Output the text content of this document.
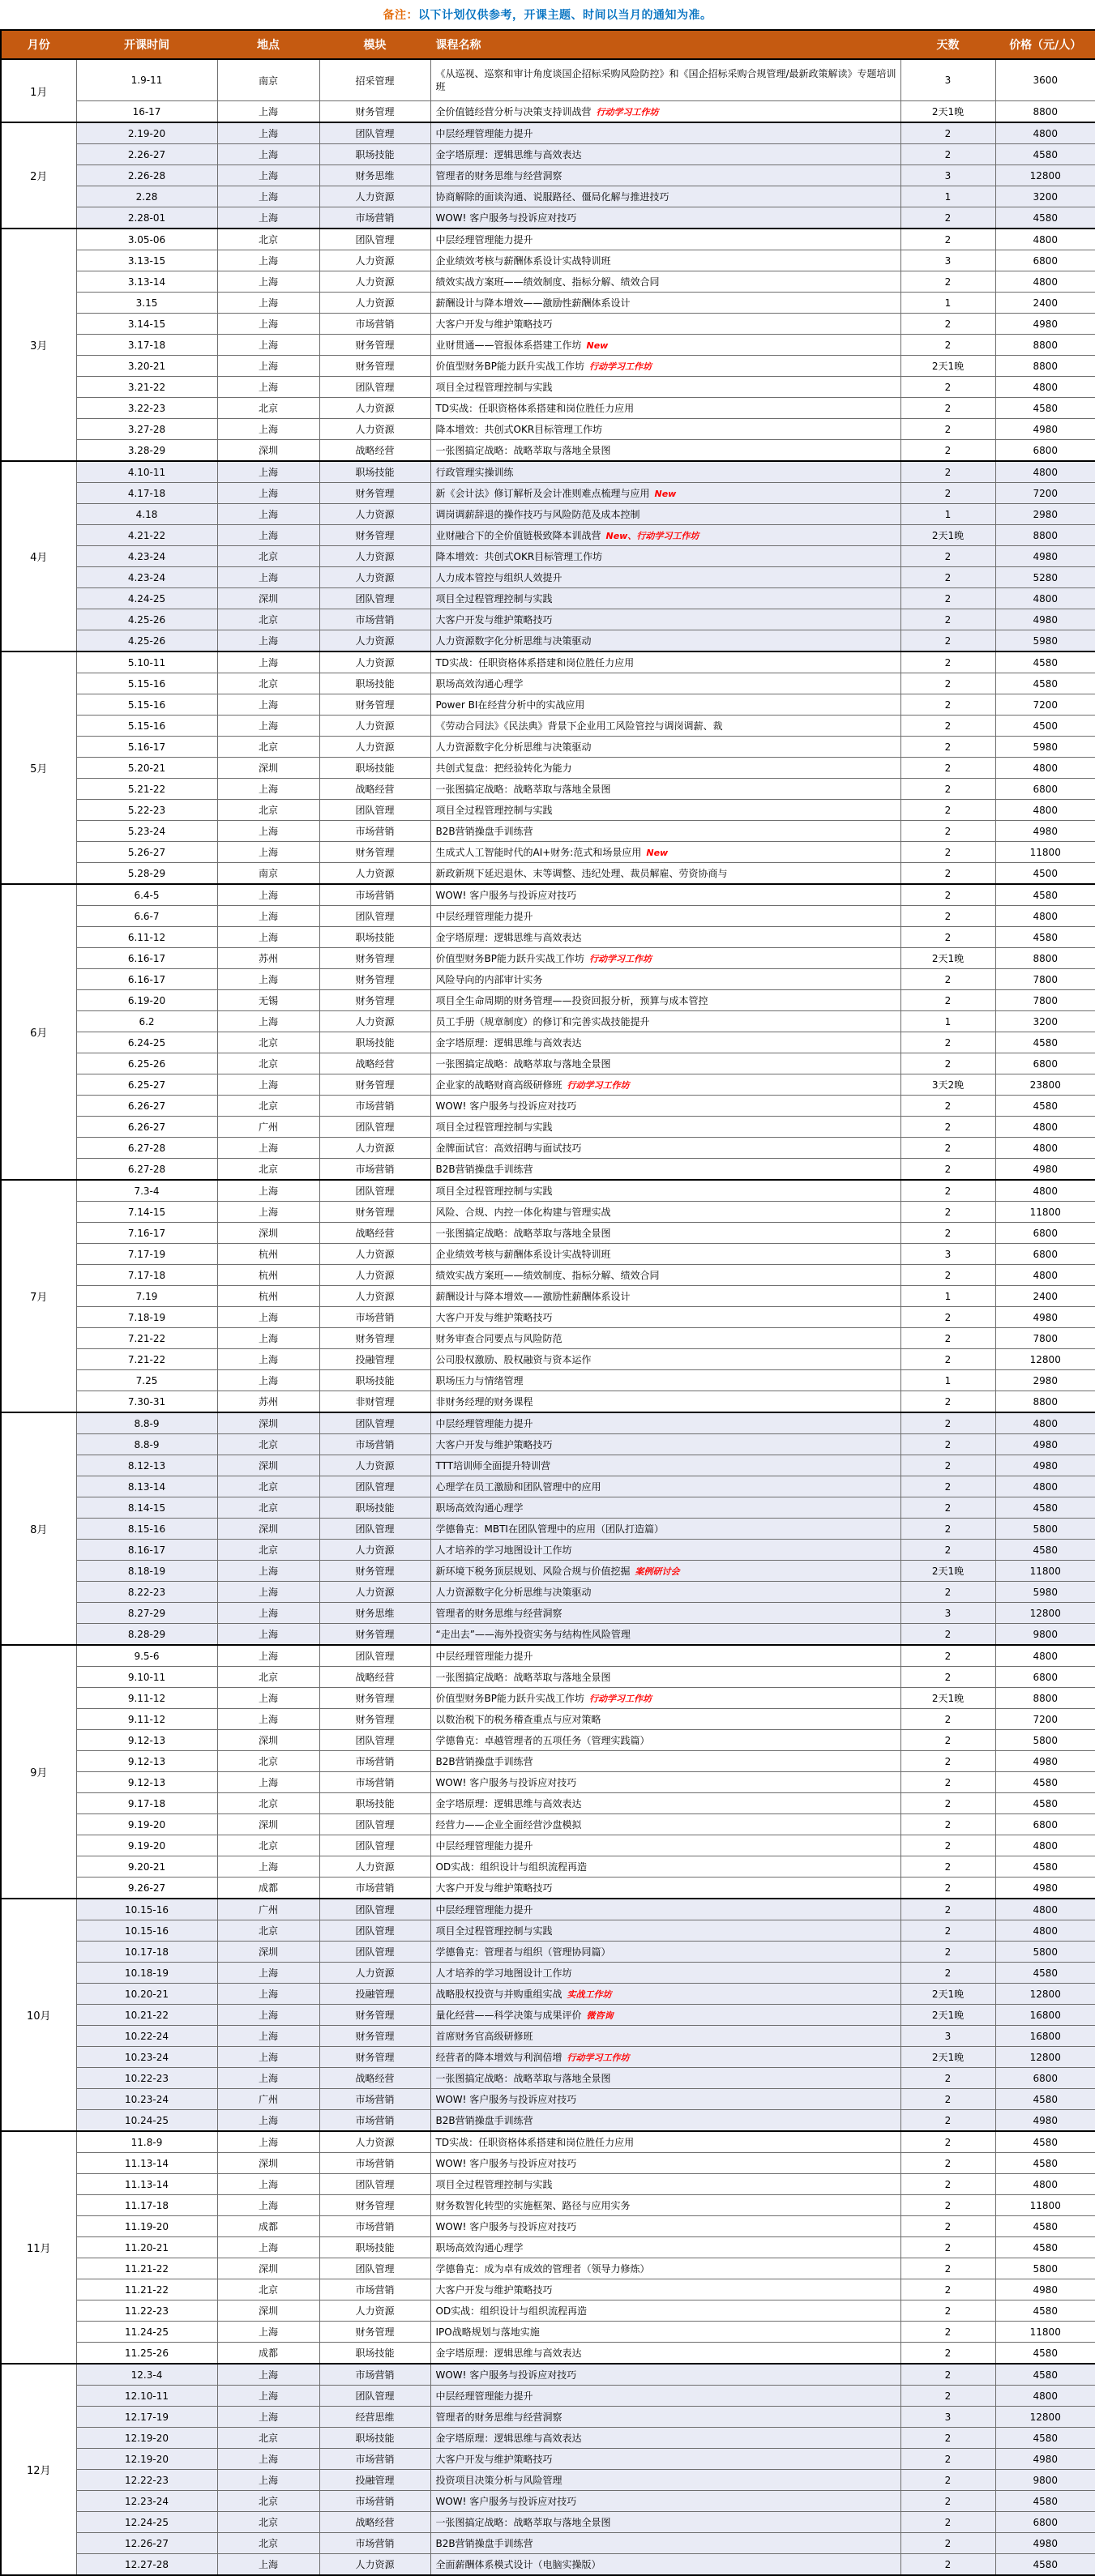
备注： 以下计划仅供参考，开课主题、时间以当月的通知为准。
月份	开课时间	地点	模块	课程名称	天数	价格（元/人）
1月	1.9-11	南京	招采管理	《从巡视、巡察和审计角度谈国企招标采购风险防控》和《国企招标采购合规管理/最新政策解读》专题培训班	3	3600
	16-17	上海	财务管理	全价值链经营分析与决策支持训战营 行动学习工作坊	2天1晚	8800
2月	2.19-20	上海	团队管理	中层经理管理能力提升	2	4800
	2.26-27	上海	职场技能	金字塔原理：逻辑思维与高效表达	2	4580
	2.26-28	上海	财务思维	管理者的财务思维与经营洞察	3	12800
	2.28	上海	人力资源	协商解除的面谈沟通、说服路径、僵局化解与推进技巧	1	3200
	2.28-01	上海	市场营销	WOW! 客户服务与投诉应对技巧	2	4580
3月	3.05-06	北京	团队管理	中层经理管理能力提升	2	4800
	3.13-15	上海	人力资源	企业绩效考核与薪酬体系设计实战特训班	3	6800
	3.13-14	上海	人力资源	绩效实战方案班——绩效制度、指标分解、绩效合同	2	4800
	3.15	上海	人力资源	薪酬设计与降本增效——激励性薪酬体系设计	1	2400
	3.14-15	上海	市场营销	大客户开发与维护策略技巧	2	4980
	3.17-18	上海	财务管理	业财贯通——管报体系搭建工作坊 New	2	8800
	3.20-21	上海	财务管理	价值型财务BP能力跃升实战工作坊 行动学习工作坊	2天1晚	8800
	3.21-22	上海	团队管理	项目全过程管理控制与实践	2	4800
	3.22-23	北京	人力资源	TD实战：任职资格体系搭建和岗位胜任力应用	2	4580
	3.27-28	上海	人力资源	降本增效：共创式OKR目标管理工作坊	2	4980
	3.28-29	深圳	战略经营	一张图搞定战略：战略萃取与落地全景图	2	6800
4月	4.10-11	上海	职场技能	行政管理实操训练	2	4800
	4.17-18	上海	财务管理	新《会计法》修订解析及会计准则难点梳理与应用 New	2	7200
	4.18	上海	人力资源	调岗调薪辞退的操作技巧与风险防范及成本控制	1	2980
	4.21-22	上海	财务管理	业财融合下的全价值链极致降本训战营 New、行动学习工作坊	2天1晚	8800
	4.23-24	北京	人力资源	降本增效：共创式OKR目标管理工作坊	2	4980
	4.23-24	上海	人力资源	人力成本管控与组织人效提升	2	5280
	4.24-25	深圳	团队管理	项目全过程管理控制与实践	2	4800
	4.25-26	北京	市场营销	大客户开发与维护策略技巧	2	4980
	4.25-26	上海	人力资源	人力资源数字化分析思维与决策驱动	2	5980
5月	5.10-11	上海	人力资源	TD实战：任职资格体系搭建和岗位胜任力应用	2	4580
	5.15-16	北京	职场技能	职场高效沟通心理学	2	4580
	5.15-16	上海	财务管理	Power BI在经营分析中的实战应用	2	7200
	5.15-16	上海	人力资源	《劳动合同法》《民法典》背景下企业用工风险管控与调岗调薪、裁	2	4500
	5.16-17	北京	人力资源	人力资源数字化分析思维与决策驱动	2	5980
	5.20-21	深圳	职场技能	共创式复盘：把经验转化为能力	2	4800
	5.21-22	上海	战略经营	一张图搞定战略：战略萃取与落地全景图	2	6800
	5.22-23	北京	团队管理	项目全过程管理控制与实践	2	4800
	5.23-24	上海	市场营销	B2B营销操盘手训练营	2	4980
	5.26-27	上海	财务管理	生成式人工智能时代的AI+财务:范式和场景应用 New	2	11800
	5.28-29	南京	人力资源	新政新规下延迟退休、末等调整、违纪处理、裁员解雇、劳资协商与	2	4500
6月	6.4-5	上海	市场营销	WOW! 客户服务与投诉应对技巧	2	4580
	6.6-7	上海	团队管理	中层经理管理能力提升	2	4800
	6.11-12	上海	职场技能	金字塔原理：逻辑思维与高效表达	2	4580
	6.16-17	苏州	财务管理	价值型财务BP能力跃升实战工作坊 行动学习工作坊	2天1晚	8800
	6.16-17	上海	财务管理	风险导向的内部审计实务	2	7800
	6.19-20	无锡	财务管理	项目全生命周期的财务管理——投资回报分析，预算与成本管控	2	7800
	6.2	上海	人力资源	员工手册（规章制度）的修订和完善实战技能提升	1	3200
	6.24-25	北京	职场技能	金字塔原理：逻辑思维与高效表达	2	4580
	6.25-26	北京	战略经营	一张图搞定战略：战略萃取与落地全景图	2	6800
	6.25-27	上海	财务管理	企业家的战略财商高级研修班 行动学习工作坊	3天2晚	23800
	6.26-27	北京	市场营销	WOW! 客户服务与投诉应对技巧	2	4580
	6.26-27	广州	团队管理	项目全过程管理控制与实践	2	4800
	6.27-28	上海	人力资源	金牌面试官：高效招聘与面试技巧	2	4800
	6.27-28	北京	市场营销	B2B营销操盘手训练营	2	4980
7月	7.3-4	上海	团队管理	项目全过程管理控制与实践	2	4800
	7.14-15	上海	财务管理	风险、合规、内控一体化构建与管理实战	2	11800
	7.16-17	深圳	战略经营	一张图搞定战略：战略萃取与落地全景图	2	6800
	7.17-19	杭州	人力资源	企业绩效考核与薪酬体系设计实战特训班	3	6800
	7.17-18	杭州	人力资源	绩效实战方案班——绩效制度、指标分解、绩效合同	2	4800
	7.19	杭州	人力资源	薪酬设计与降本增效——激励性薪酬体系设计	1	2400
	7.18-19	上海	市场营销	大客户开发与维护策略技巧	2	4980
	7.21-22	上海	财务管理	财务审查合同要点与风险防范	2	7800
	7.21-22	上海	投融管理	公司股权激励、股权融资与资本运作	2	12800
	7.25	上海	职场技能	职场压力与情绪管理	1	2980
	7.30-31	苏州	非财管理	非财务经理的财务课程	2	8800
8月	8.8-9	深圳	团队管理	中层经理管理能力提升	2	4800
	8.8-9	北京	市场营销	大客户开发与维护策略技巧	2	4980
	8.12-13	深圳	人力资源	TTT培训师全面提升特训营	2	4980
	8.13-14	北京	团队管理	心理学在员工激励和团队管理中的应用	2	4800
	8.14-15	北京	职场技能	职场高效沟通心理学	2	4580
	8.15-16	深圳	团队管理	学德鲁克：MBTI在团队管理中的应用（团队打造篇）	2	5800
	8.16-17	北京	人力资源	人才培养的学习地图设计工作坊	2	4580
	8.18-19	上海	财务管理	新环境下税务顶层规划、风险合规与价值挖掘 案例研讨会	2天1晚	11800
	8.22-23	上海	人力资源	人力资源数字化分析思维与决策驱动	2	5980
	8.27-29	上海	财务思维	管理者的财务思维与经营洞察	3	12800
	8.28-29	上海	财务管理	“走出去”——海外投资实务与结构性风险管理	2	9800
9月	9.5-6	上海	团队管理	中层经理管理能力提升	2	4800
	9.10-11	北京	战略经营	一张图搞定战略：战略萃取与落地全景图	2	6800
	9.11-12	上海	财务管理	价值型财务BP能力跃升实战工作坊 行动学习工作坊	2天1晚	8800
	9.11-12	上海	财务管理	以数治税下的税务稽查重点与应对策略	2	7200
	9.12-13	深圳	团队管理	学德鲁克：卓越管理者的五项任务（管理实践篇）	2	5800
	9.12-13	北京	市场营销	B2B营销操盘手训练营	2	4980
	9.12-13	上海	市场营销	WOW! 客户服务与投诉应对技巧	2	4580
	9.17-18	北京	职场技能	金字塔原理：逻辑思维与高效表达	2	4580
	9.19-20	深圳	团队管理	经营力——企业全面经营沙盘模拟	2	6800
	9.19-20	北京	团队管理	中层经理管理能力提升	2	4800
	9.20-21	上海	人力资源	OD实战：组织设计与组织流程再造	2	4580
	9.26-27	成都	市场营销	大客户开发与维护策略技巧	2	4980
10月	10.15-16	广州	团队管理	中层经理管理能力提升	2	4800
	10.15-16	北京	团队管理	项目全过程管理控制与实践	2	4800
	10.17-18	深圳	团队管理	学德鲁克：管理者与组织（管理协同篇）	2	5800
	10.18-19	上海	人力资源	人才培养的学习地图设计工作坊	2	4580
	10.20-21	上海	投融管理	战略股权投资与并购重组实战 实战工作坊	2天1晚	12800
	10.21-22	上海	财务管理	量化经营——科学决策与成果评价 微咨询	2天1晚	16800
	10.22-24	上海	财务管理	首席财务官高级研修班	3	16800
	10.23-24	上海	财务管理	经营者的降本增效与利润倍增 行动学习工作坊	2天1晚	12800
	10.22-23	上海	战略经营	一张图搞定战略：战略萃取与落地全景图	2	6800
	10.23-24	广州	市场营销	WOW! 客户服务与投诉应对技巧	2	4580
	10.24-25	上海	市场营销	B2B营销操盘手训练营	2	4980
11月	11.8-9	上海	人力资源	TD实战：任职资格体系搭建和岗位胜任力应用	2	4580
	11.13-14	深圳	市场营销	WOW! 客户服务与投诉应对技巧	2	4580
	11.13-14	上海	团队管理	项目全过程管理控制与实践	2	4800
	11.17-18	上海	财务管理	财务数智化转型的实施框架、路径与应用实务	2	11800
	11.19-20	成都	市场营销	WOW! 客户服务与投诉应对技巧	2	4580
	11.20-21	上海	职场技能	职场高效沟通心理学	2	4580
	11.21-22	深圳	团队管理	学德鲁克：成为卓有成效的管理者（领导力修炼）	2	5800
	11.21-22	北京	市场营销	大客户开发与维护策略技巧	2	4980
	11.22-23	深圳	人力资源	OD实战：组织设计与组织流程再造	2	4580
	11.24-25	上海	财务管理	IPO战略规划与落地实施	2	11800
	11.25-26	成都	职场技能	金字塔原理：逻辑思维与高效表达	2	4580
12月	12.3-4	上海	市场营销	WOW! 客户服务与投诉应对技巧	2	4580
	12.10-11	上海	团队管理	中层经理管理能力提升	2	4800
	12.17-19	上海	经营思维	管理者的财务思维与经营洞察	3	12800
	12.19-20	北京	职场技能	金字塔原理：逻辑思维与高效表达	2	4580
	12.19-20	上海	市场营销	大客户开发与维护策略技巧	2	4980
	12.22-23	上海	投融管理	投资项目决策分析与风险管理	2	9800
	12.23-24	北京	市场营销	WOW! 客户服务与投诉应对技巧	2	4580
	12.24-25	北京	战略经营	一张图搞定战略：战略萃取与落地全景图	2	6800
	12.26-27	北京	市场营销	B2B营销操盘手训练营	2	4980
	12.27-28	上海	人力资源	全面薪酬体系模式设计（电脑实操版）	2	4580
